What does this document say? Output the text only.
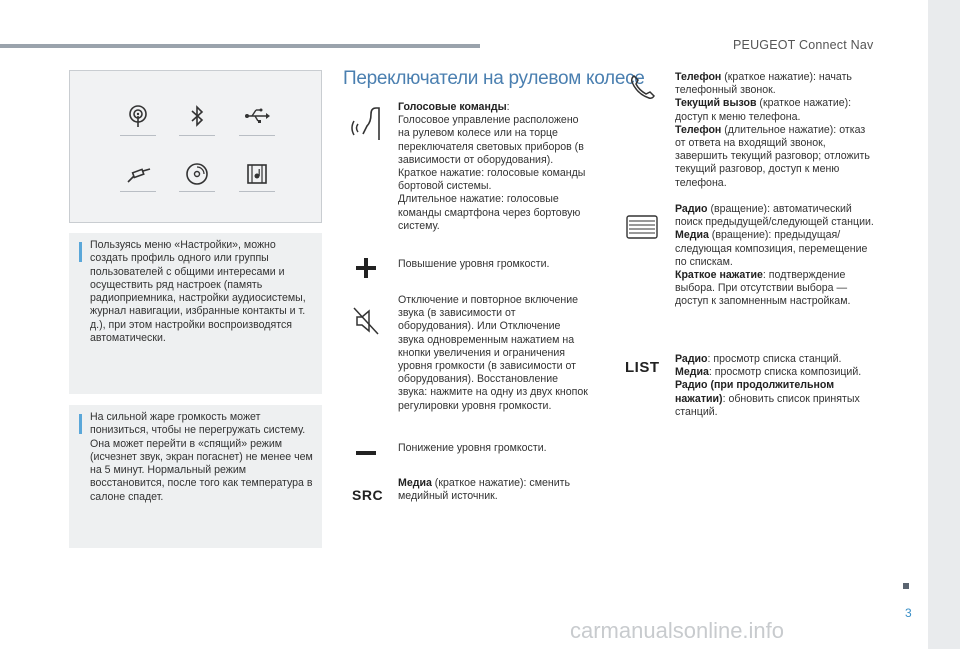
PEUGEOT Connect Nav
3
Пользуясь меню «Настройки», можно создать профиль одного или группы пользователей с общими интересами и осуществить ряд настроек (память радиоприемника, настройки аудиосистемы, журнал навигации, избранные контакты и т. д.), при этом настройки воспроизводятся автоматически.
На сильной жаре громкость может понизиться, чтобы не перегружать систему. Она может перейти в «спящий» режим (исчезнет звук, экран погаснет) не менее чем на 5 минут. Нормальный режим восстановится, после того как температура в салоне спадет.
Переключатели на рулевом колесе
Голосовые команды:
Голосовое управление расположено на рулевом колесе или на торце переключателя световых приборов (в зависимости от оборудования).
Краткое нажатие: голосовые команды бортовой системы.
Длительное нажатие: голосовые команды смартфона через бортовую систему.
Повышение уровня громкости.
Отключение и повторное включение звука (в зависимости от оборудования). Или Отключение звука одновременным нажатием на кнопки увеличения и ограничения уровня громкости (в зависимости от оборудования). Восстановление звука: нажмите на одну из двух кнопок регулировки уровня громкости.
Понижение уровня громкости.
SRC
Медиа (краткое нажатие): сменить медийный источник.
Телефон (краткое нажатие): начать телефонный звонок.
Текущий вызов (краткое нажатие): доступ к меню телефона.
Телефон (длительное нажатие): отказ от ответа на входящий звонок, завершить текущий разговор; отложить текущий разговор, доступ к меню телефона.
Радио (вращение): автоматический поиск предыдущей/следующей станции.
Медиа (вращение): предыдущая/следующая композиция, перемещение по спискам.
Краткое нажатие: подтверждение выбора. При отсутствии выбора — доступ к запомненным настройкам.
LIST Радио: просмотр списка станций.
Медиа: просмотр списка композиций.
Радио (при продолжительном нажатии): обновить список принятых станций.
carmanualsonline.info
